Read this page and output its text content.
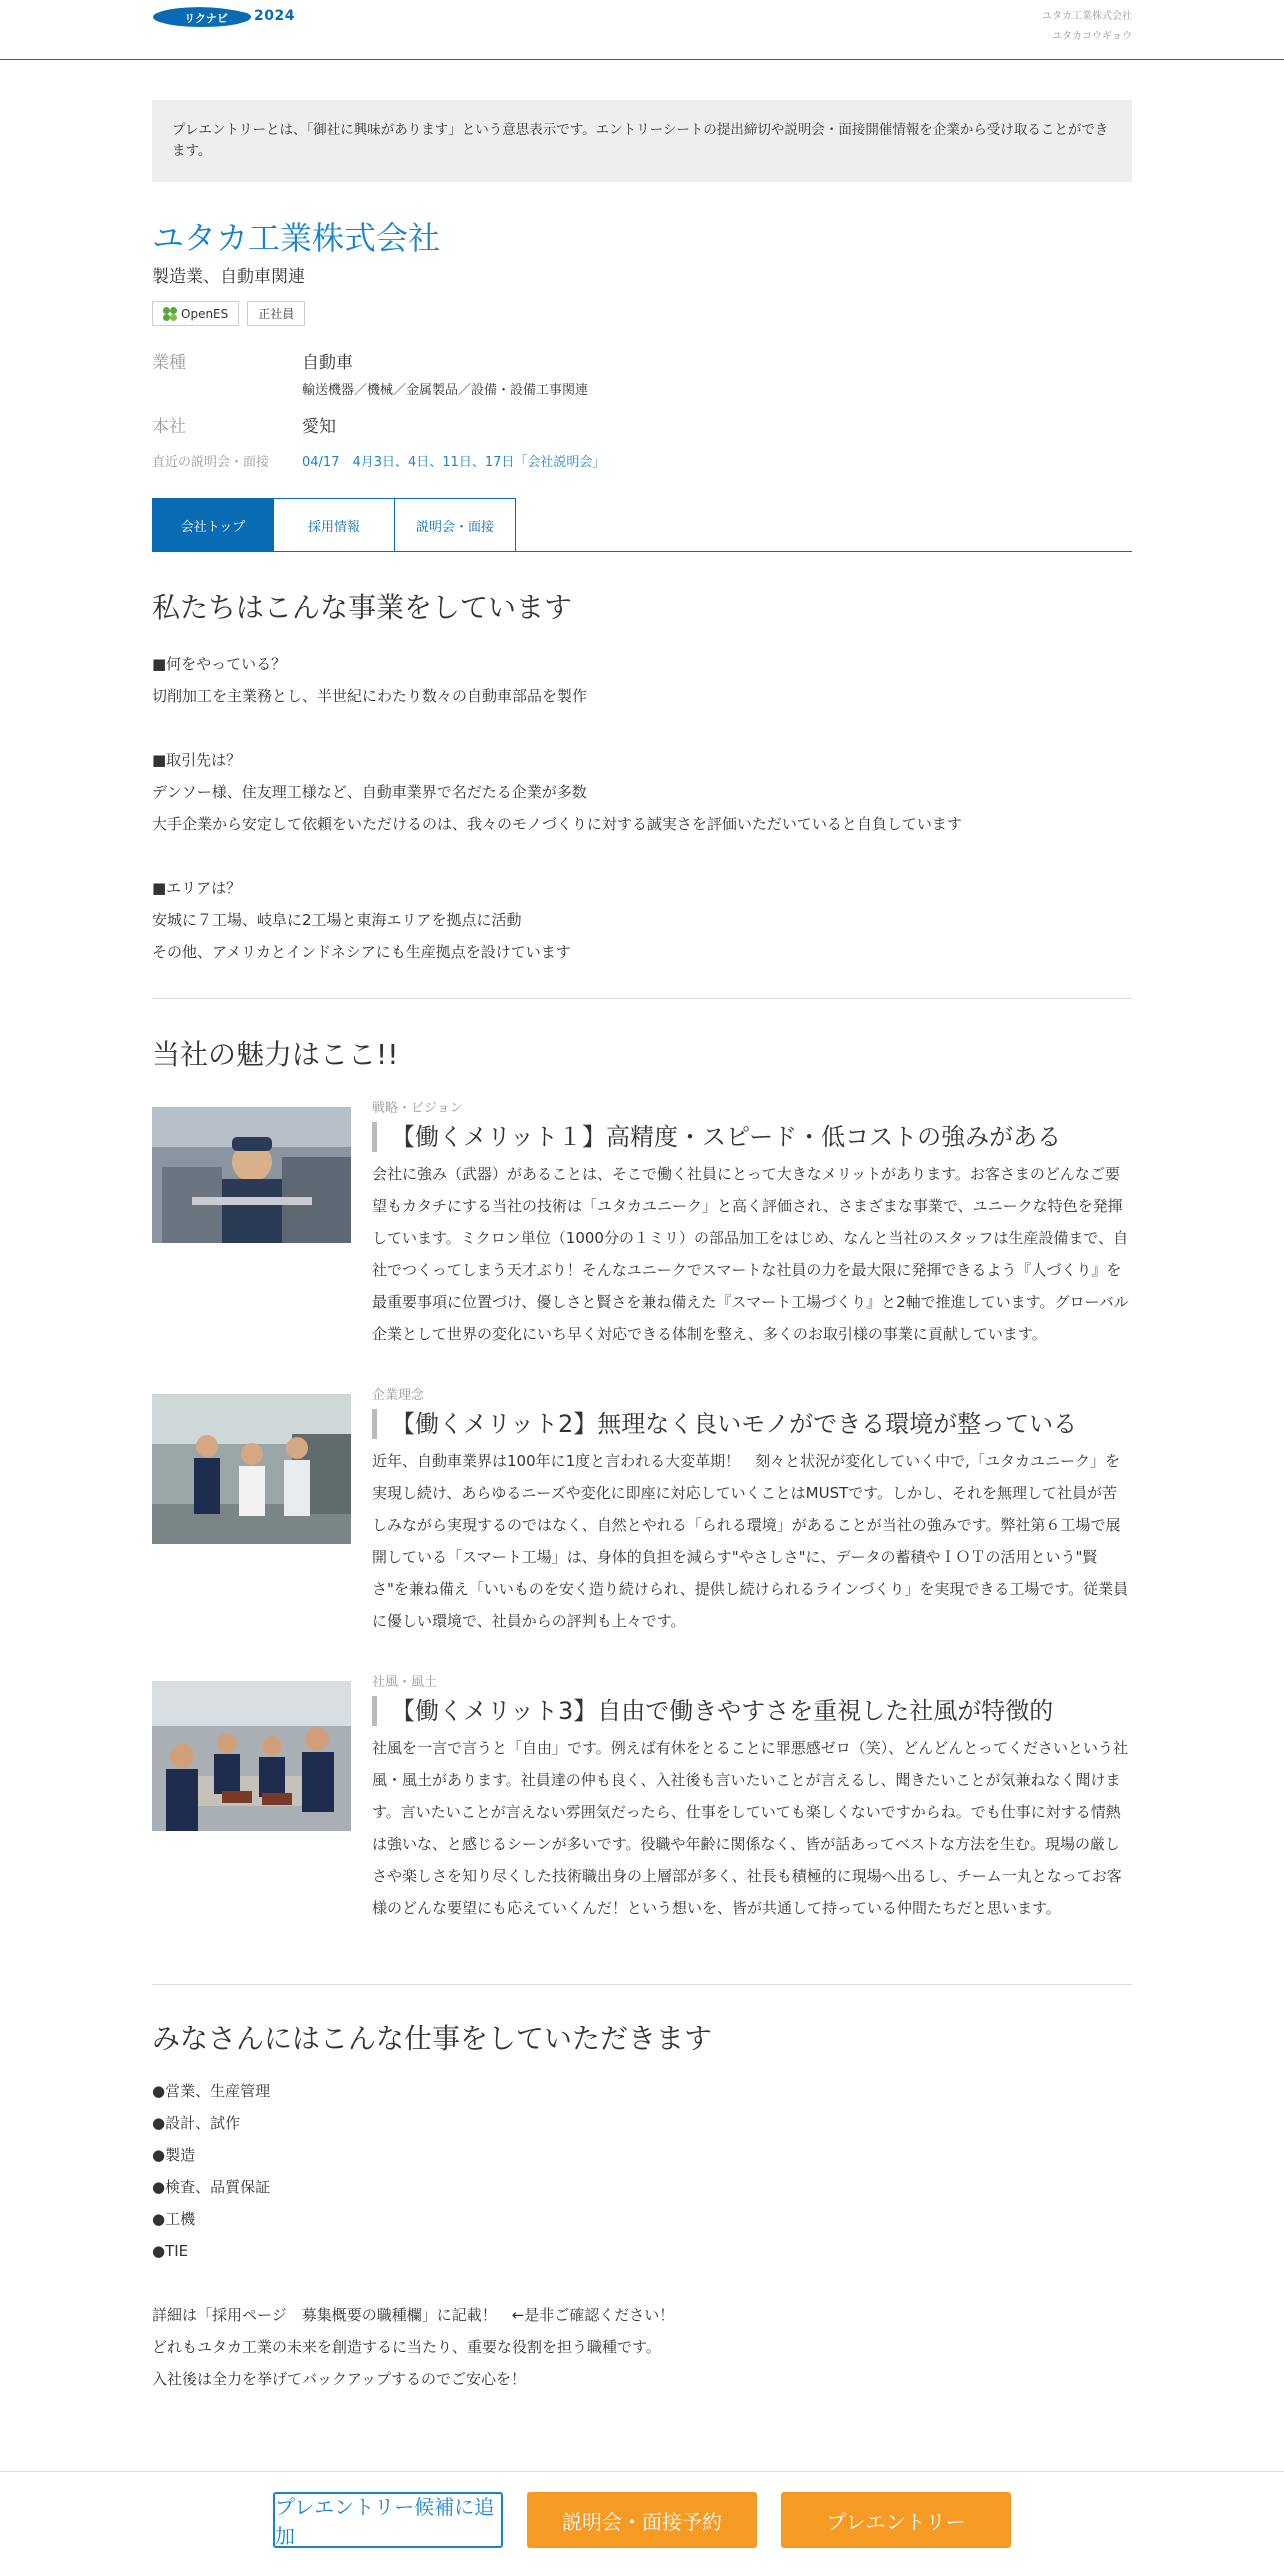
リクナビ 2024	ユタカ工業株式会社
ユタカコウギョウ
プレエントリーとは、「御社に興味があります」という意思表示です。エントリーシートの提出締切や説明会・面接開催情報を企業から受け取ることができます。
ユタカ工業株式会社
製造業、自動車関連
OpenES	正社員
業種	自動車
輸送機器／機械／金属製品／設備・設備工事関連
本社	愛知
直近の説明会・面接	04/17　4月3日、4日、11日、17日「会社説明会」
会社トップ	採用情報	説明会・面接
私たちはこんな事業をしています
■何をやっている？
切削加工を主業務とし、半世紀にわたり数々の自動車部品を製作
■取引先は？
デンソー様、住友理工様など、自動車業界で名だたる企業が多数
大手企業から安定して依頼をいただけるのは、我々のモノづくりに対する誠実さを評価いただいていると自負しています
■エリアは？
安城に７工場、岐阜に2工場と東海エリアを拠点に活動
その他、アメリカとインドネシアにも生産拠点を設けています
当社の魅力はここ!!
戦略・ビジョン
【働くメリット１】高精度・スピード・低コストの強みがある

会社に強み（武器）があることは、そこで働く社員にとって大きなメリットがあります。お客さまのどんなご要望もカタチにする当社の技術は「ユタカユニーク」と高く評価され、さまざまな事業で、ユニークな特色を発揮しています。ミクロン単位（1000分の１ミリ）の部品加工をはじめ、なんと当社のスタッフは生産設備まで、自社でつくってしまう天才ぶり！そんなユニークでスマートな社員の力を最大限に発揮できるよう『人づくり』を最重要事項に位置づけ、優しさと賢さを兼ね備えた『スマート工場づくり』と2軸で推進しています。グローバル企業として世界の変化にいち早く対応できる体制を整え、多くのお取引様の事業に貢献しています。

企業理念
【働くメリット2】無理なく良いモノができる環境が整っている

近年、自動車業界は100年に1度と言われる大変革期！　刻々と状況が変化していく中で,「ユタカユニーク」を実現し続け、あらゆるニーズや変化に即座に対応していくことはMUSTです。しかし、それを無理して社員が苦しみながら実現するのではなく、自然とやれる「られる環境」があることが当社の強みです。弊社第６工場で展開している「スマート工場」は、身体的負担を減らす"やさしさ"に、データの蓄積やＩＯＴの活用という"賢さ"を兼ね備え「いいものを安く造り続けられ、提供し続けられるラインづくり」を実現できる工場です。従業員に優しい環境で、社員からの評判も上々です。

社風・風土
【働くメリット3】自由で働きやすさを重視した社風が特徴的

社風を一言で言うと「自由」です。例えば有休をとることに罪悪感ゼロ（笑）、どんどんとってくださいという社風・風土があります。社員達の仲も良く、入社後も言いたいことが言えるし、聞きたいことが気兼ねなく聞けます。言いたいことが言えない雰囲気だったら、仕事をしていても楽しくないですからね。でも仕事に対する情熱は強いな、と感じるシーンが多いです。役職や年齢に関係なく、皆が話あってベストな方法を生む。現場の厳しさや楽しさを知り尽くした技術職出身の上層部が多く、社長も積極的に現場へ出るし、チーム一丸となってお客様のどんな要望にも応えていくんだ！という想いを、皆が共通して持っている仲間たちだと思います。

みなさんにはこんな仕事をしていただきます
●営業、生産管理
●設計、試作
●製造
●検査、品質保証
●工機
●TIE
詳細は「採用ページ　募集概要の職種欄」に記載！　←是非ご確認ください！
どれもユタカ工業の未来を創造するに当たり、重要な役割を担う職種です。
入社後は全力を挙げてバックアップするのでご安心を！
プレエントリー候補に追加
説明会・面接予約	プレエントリー
